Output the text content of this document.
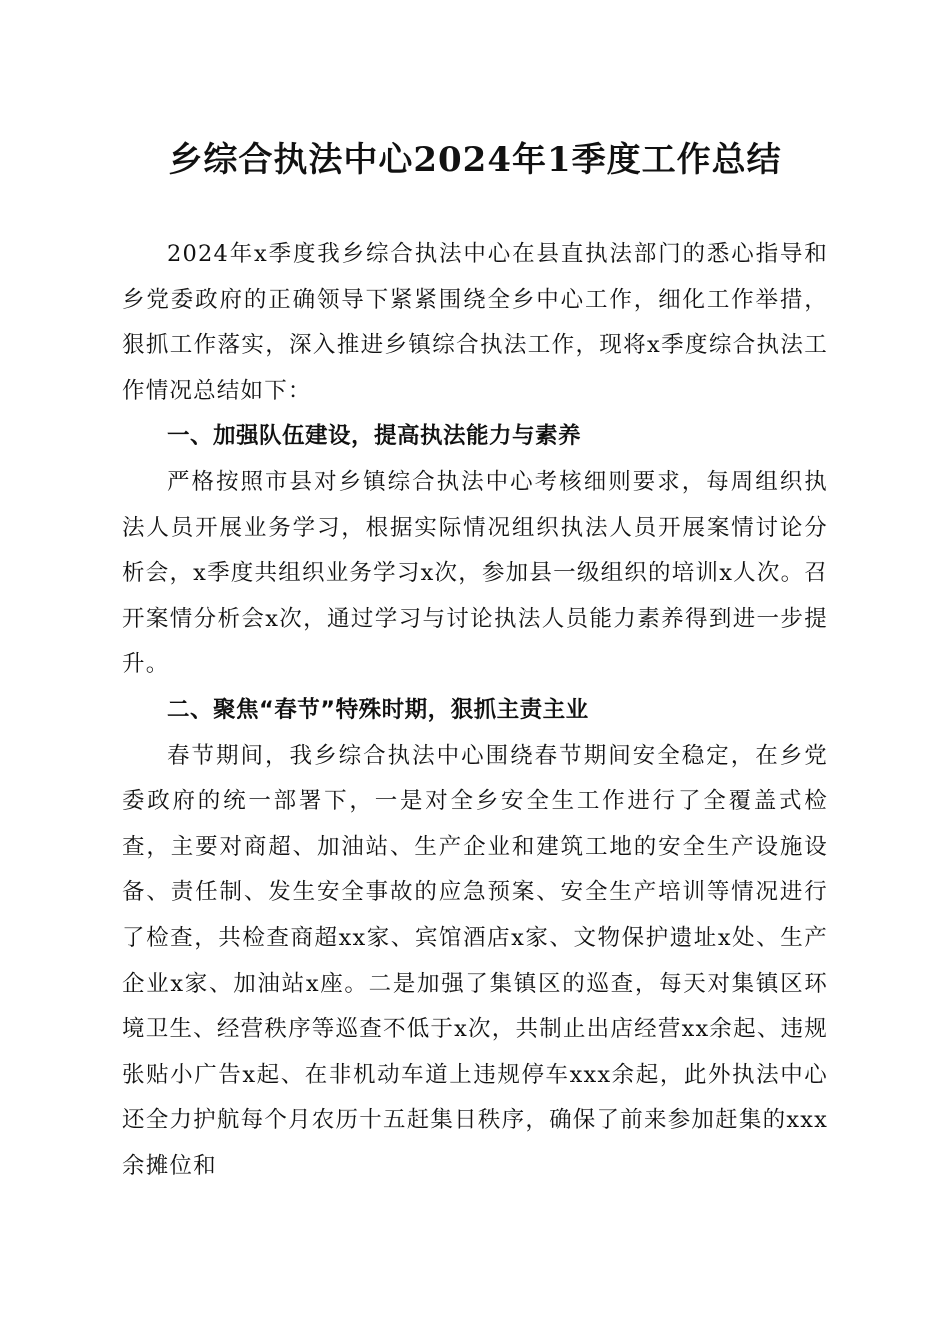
乡综合执法中心2024年1季度工作总结

2024年x季度我乡综合执法中心在县直执法部门的悉心指导和乡党委政府的正确领导下紧紧围绕全乡中心工作，细化工作举措，狠抓工作落实，深入推进乡镇综合执法工作，现将x季度综合执法工作情况总结如下：

一、加强队伍建设，提高执法能力与素养

严格按照市县对乡镇综合执法中心考核细则要求，每周组织执法人员开展业务学习，根据实际情况组织执法人员开展案情讨论分析会，x季度共组织业务学习x次，参加县一级组织的培训x人次。召开案情分析会x次，通过学习与讨论执法人员能力素养得到进一步提升。

二、聚焦“春节”特殊时期，狠抓主责主业

春节期间，我乡综合执法中心围绕春节期间安全稳定，在乡党委政府的统一部署下，一是对全乡安全生工作进行了全覆盖式检查，主要对商超、加油站、生产企业和建筑工地的安全生产设施设备、责任制、发生安全事故的应急预案、安全生产培训等情况进行了检查，共检查商超xx家、宾馆酒店x家、文物保护遗址x处、生产企业x家、加油站x座。二是加强了集镇区的巡查，每天对集镇区环境卫生、经营秩序等巡查不低于x次，共制止出店经营xx余起、违规张贴小广告x起、在非机动车道上违规停车xxx余起，此外执法中心还全力护航每个月农历十五赶集日秩序，确保了前来参加赶集的xxx余摊位和
